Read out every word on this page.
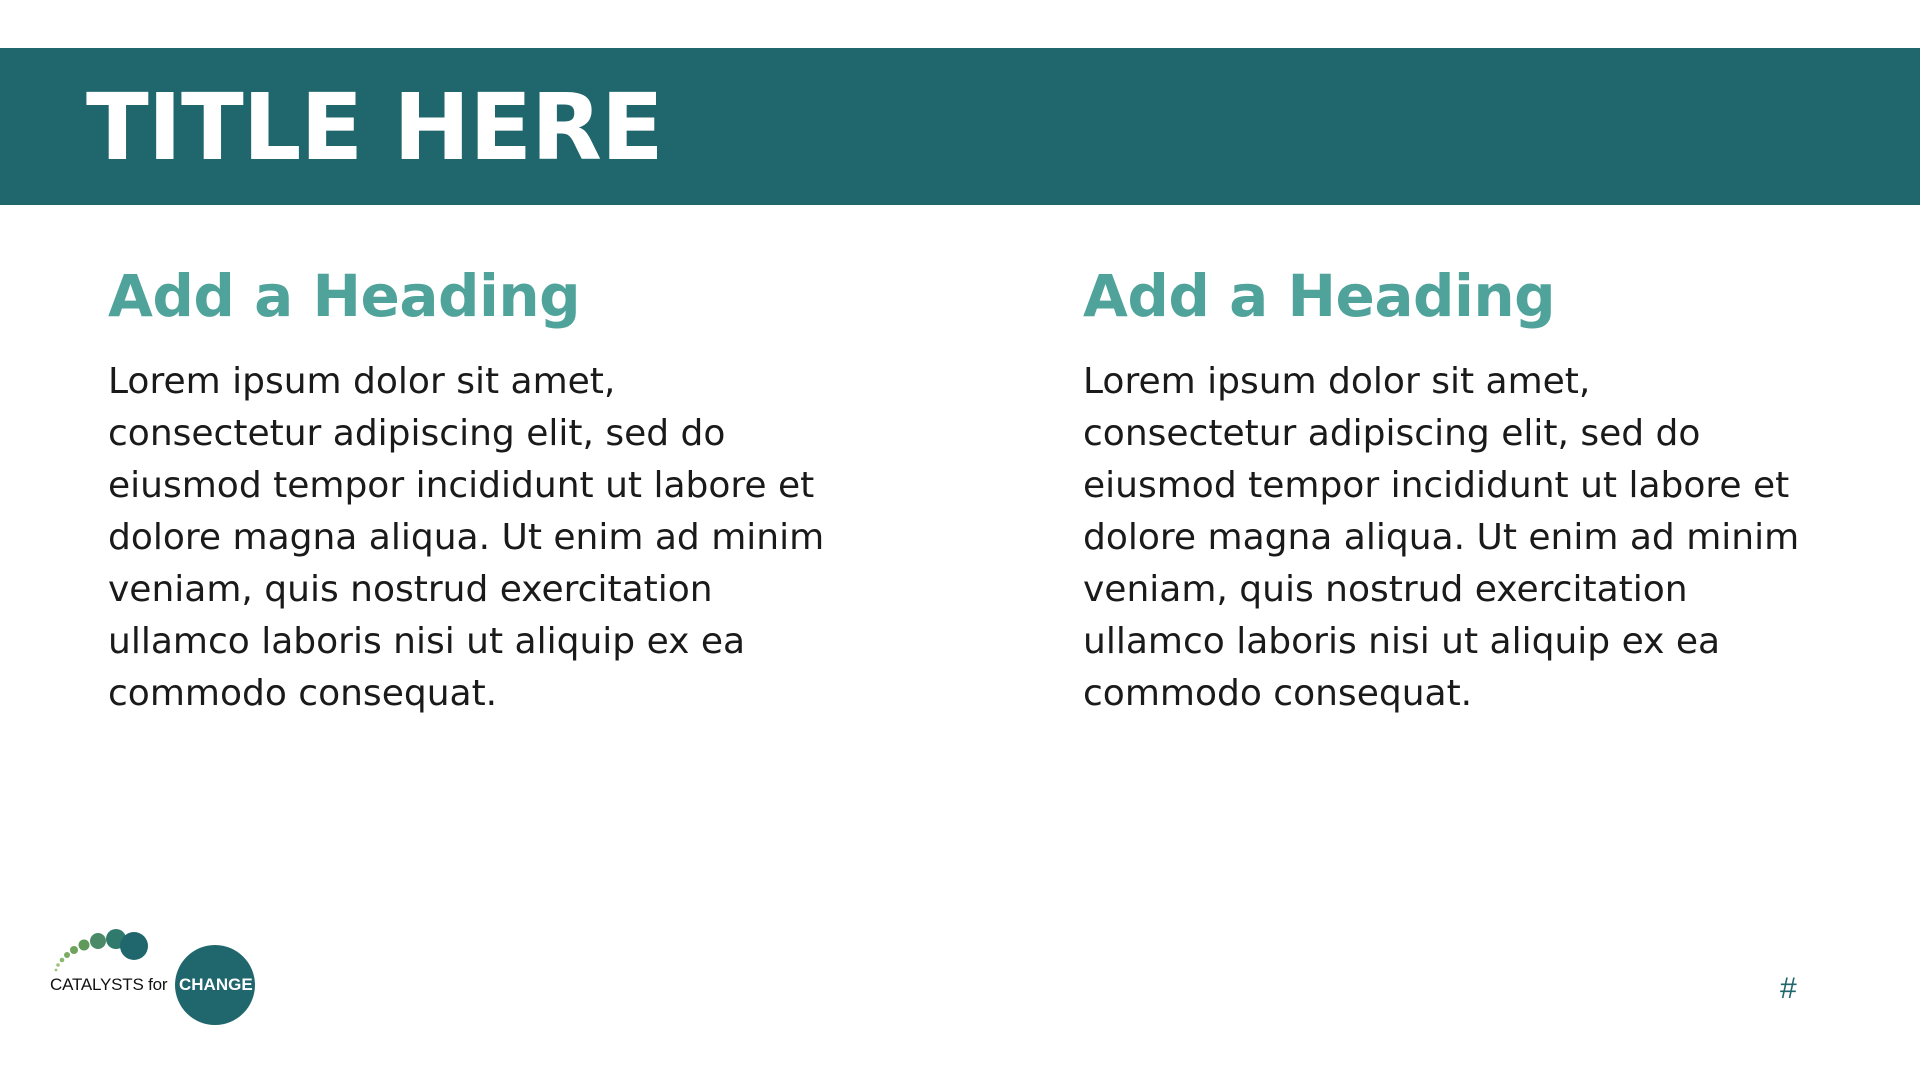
TITLE HERE
Add a Heading

Lorem ipsum dolor sit amet, consectetur adipiscing elit, sed do eiusmod tempor incididunt ut labore et dolore magna aliqua. Ut enim ad minim veniam, quis nostrud exercitation ullamco laboris nisi ut aliquip ex ea commodo consequat.

Add a Heading

Lorem ipsum dolor sit amet, consectetur adipiscing elit, sed do eiusmod tempor incididunt ut labore et dolore magna aliqua. Ut enim ad minim veniam, quis nostrud exercitation ullamco laboris nisi ut aliquip ex ea commodo consequat.

CATALYSTS for CHANGE	#
